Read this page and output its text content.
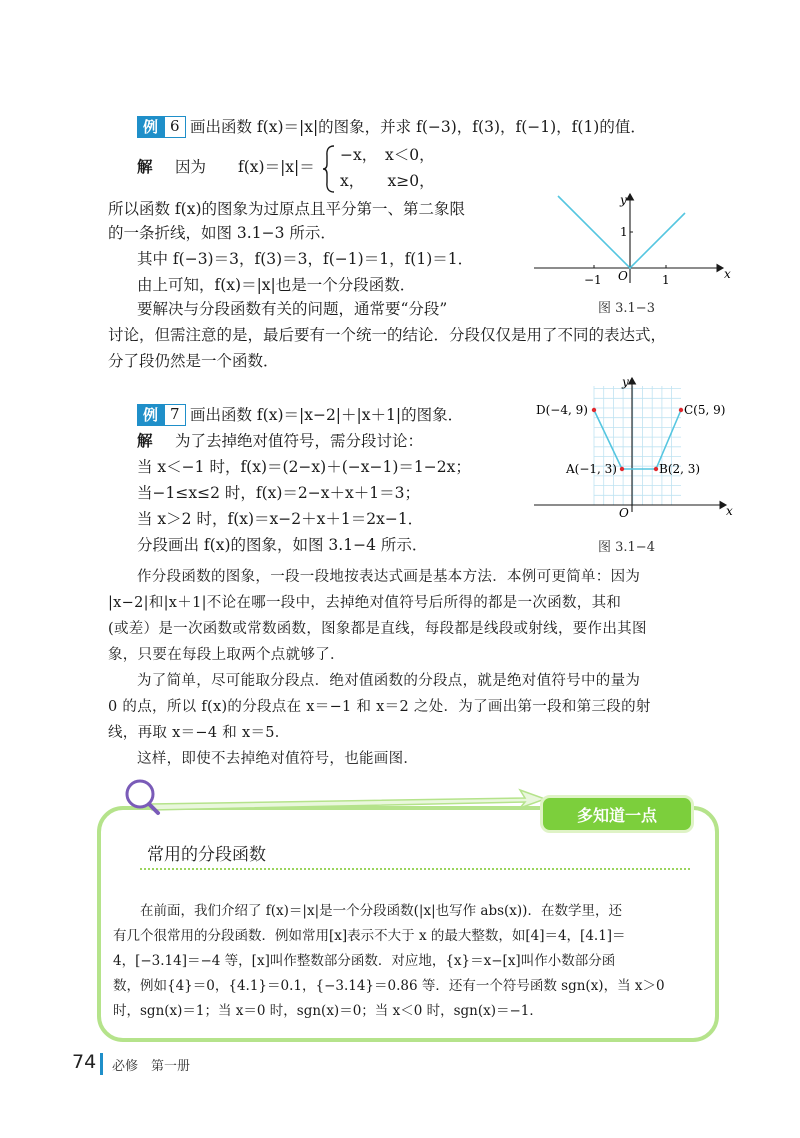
例 6 画出函数 f(x)＝|x|的图象，并求 f(−3)，f(3)，f(−1)，f(1)的值．
解 因为 f(x)＝|x|＝
−x，　x＜0，
x，　　x≥0，
所以函数 f(x)的图象为过原点且平分第一、第二象限
的一条折线，如图 3.1−3 所示．
其中 f(−3)＝3，f(3)＝3，f(−1)＝1，f(1)＝1．
由上可知，f(x)＝|x|也是一个分段函数．
要解决与分段函数有关的问题，通常要“分段”
讨论，但需注意的是，最后要有一个统一的结论．分段仅仅是用了不同的表达式，
分了段仍然是一个函数．
−1	1
1
O	x
y
图 3.1−3
例 7 画出函数 f(x)＝|x−2|＋|x＋1|的图象．
解 为了去掉绝对值符号，需分段讨论：
当 x＜−1 时，f(x)＝(2−x)＋(−x−1)＝1−2x；
当−1≤x≤2 时，f(x)＝2−x＋x＋1＝3；
当 x＞2 时，f(x)＝x−2＋x＋1＝2x−1．
分段画出 f(x)的图象，如图 3.1−4 所示．
D(−4, 9)	C(5, 9)
A(−1, 3)	B(2, 3)
O	x
y
图 3.1−4
作分段函数的图象，一段一段地按表达式画是基本方法．本例可更简单：因为
|x−2|和|x＋1|不论在哪一段中，去掉绝对值符号后所得的都是一次函数，其和
(或差）是一次函数或常数函数，图象都是直线，每段都是线段或射线，要作出其图
象，只要在每段上取两个点就够了．
为了简单，尽可能取分段点．绝对值函数的分段点，就是绝对值符号中的量为
0 的点，所以 f(x)的分段点在 x＝−1 和 x＝2 之处．为了画出第一段和第三段的射
线，再取 x＝−4 和 x＝5．
这样，即使不去掉绝对值符号，也能画图．
多知道一点
常用的分段函数
在前面，我们介绍了 f(x)＝|x|是一个分段函数(|x|也写作 abs(x))．在数学里，还
有几个很常用的分段函数．例如常用[x]表示不大于 x 的最大整数，如[4]＝4，[4.1]＝
4，[−3.14]＝−4 等，[x]叫作整数部分函数．对应地，{x}＝x−[x]叫作小数部分函
数，例如{4}＝0，{4.1}＝0.1，{−3.14}＝0.86 等．还有一个符号函数 sgn(x)，当 x＞0
时，sgn(x)＝1；当 x＝0 时，sgn(x)＝0；当 x＜0 时，sgn(x)＝−1．
74 必修　第一册
